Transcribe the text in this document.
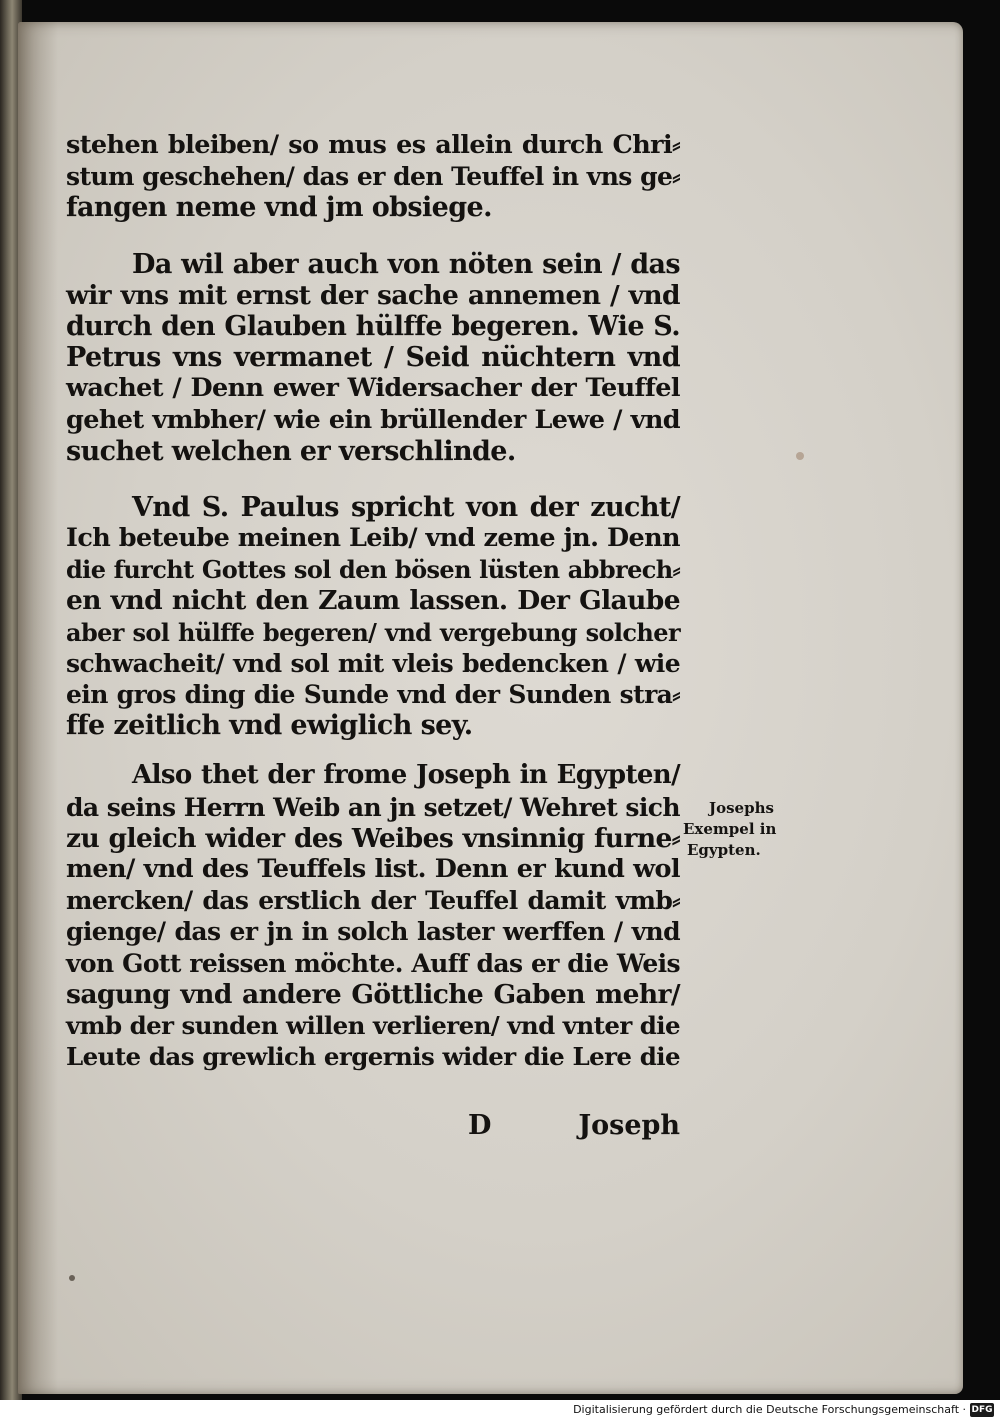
stehen bleiben/ so mus es allein durch Chri⸗
stum geschehen/ das er den Teuffel in vns ge⸗
fangen neme vnd jm obsiege.
Da wil aber auch von nöten sein / das
wir vns mit ernst der sache annemen / vnd
durch den Glauben hülffe begeren. Wie S.
Petrus vns vermanet / Seid nüchtern vnd
wachet / Denn ewer Widersacher der Teuffel
gehet vmbher/ wie ein brüllender Lewe / vnd
suchet welchen er verschlinde.
Vnd S. Paulus spricht von der zucht/
Ich beteube meinen Leib/ vnd zeme jn. Denn
die furcht Gottes sol den bösen lüsten abbrech⸗
en vnd nicht den Zaum lassen. Der Glaube
aber sol hülffe begeren/ vnd vergebung solcher
schwacheit/ vnd sol mit vleis bedencken / wie
ein gros ding die Sunde vnd der Sunden stra⸗
ffe zeitlich vnd ewiglich sey.
Also thet der frome Joseph in Egypten/
da seins Herrn Weib an jn setzet/ Wehret sich
zu gleich wider des Weibes vnsinnig furne⸗
men/ vnd des Teuffels list. Denn er kund wol
mercken/ das erstlich der Teuffel damit vmb⸗
gienge/ das er jn in solch laster werffen / vnd
von Gott reissen möchte. Auff das er die Weis
sagung vnd andere Göttliche Gaben mehr/
vmb der sunden willen verlieren/ vnd vnter die
Leute das grewlich ergernis wider die Lere die
D	Joseph
Josephs
Exempel in
Egypten.
Digitalisierung gefördert durch die Deutsche Forschungsgemeinschaft · DFG
